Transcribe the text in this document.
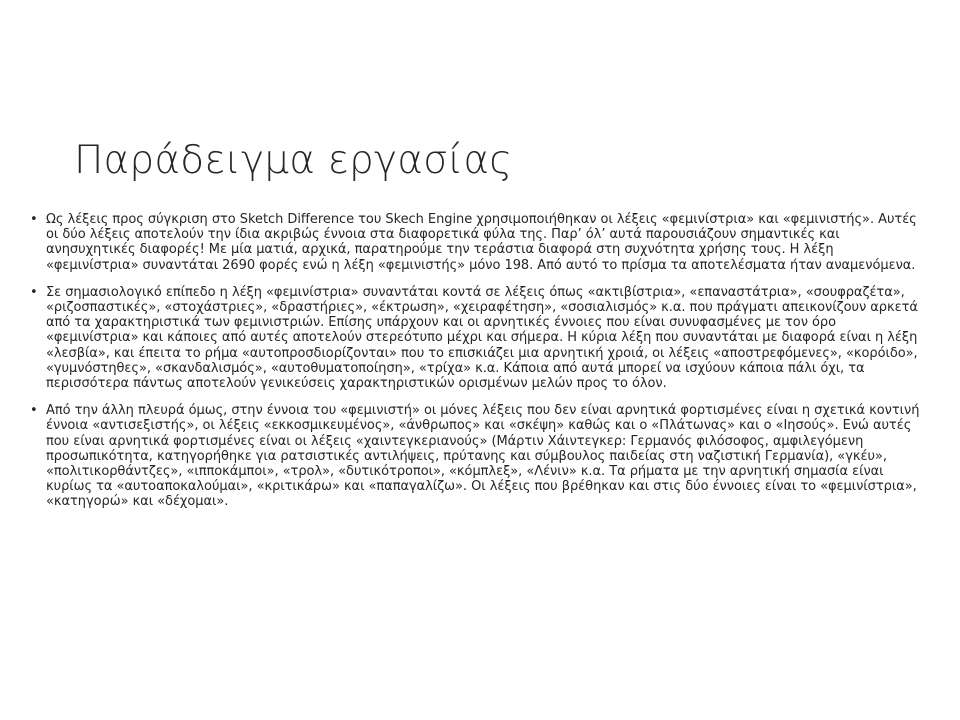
Παράδειγμα εργασίας
• Ως λέξεις προς σύγκριση στο Sketch Difference του Skech Engine χρησιμοποιήθηκαν οι λέξεις «φεμινίστρια» και «φεμινιστής». Αυτές οι δύο λέξεις αποτελούν την ίδια ακριβώς έννοια στα διαφορετικά φύλα της. Παρ’ όλ’ αυτά παρουσιάζουν σημαντικές και ανησυχητικές διαφορές! Με μία ματιά, αρχικά, παρατηρούμε την τεράστια διαφορά στη συχνότητα χρήσης τους. Η λέξη «φεμινίστρια» συναντάται 2690 φορές ενώ η λέξη «φεμινιστής» μόνο 198. Από αυτό το πρίσμα τα αποτελέσματα ήταν αναμενόμενα.
• Σε σημασιολογικό επίπεδο η λέξη «φεμινίστρια» συναντάται κοντά σε λέξεις όπως «ακτιβίστρια», «επαναστάτρια», «σουφραζέτα», «ριζοσπαστικές», «στοχάστριες», «δραστήριες», «έκτρωση», «χειραφέτηση», «σοσιαλισμός» κ.α. που πράγματι απεικονίζουν αρκετά από τα χαρακτηριστικά των φεμινιστριών. Επίσης υπάρχουν και οι αρνητικές έννοιες που είναι συνυφασμένες με τον όρο «φεμινίστρια» και κάποιες από αυτές αποτελούν στερεότυπο μέχρι και σήμερα. Η κύρια λέξη που συναντάται με διαφορά είναι η λέξη «λεσβία», και έπειτα το ρήμα «αυτοπροσδιορίζονται» που το επισκιάζει μια αρνητική χροιά, οι λέξεις «αποστρεφόμενες», «κορόιδο», «γυμνόστηθες», «σκανδαλισμός», «αυτοθυματοποίηση», «τρίχα» κ.α. Κάποια από αυτά μπορεί να ισχύουν κάποια πάλι όχι, τα περισσότερα πάντως αποτελούν γενικεύσεις χαρακτηριστικών ορισμένων μελών προς το όλον.
• Από την άλλη πλευρά όμως, στην έννοια του «φεμινιστή» οι μόνες λέξεις που δεν είναι αρνητικά φορτισμένες είναι η σχετικά κοντινή έννοια «αντισεξιστής», οι λέξεις «εκκοσμικευμένος», «άνθρωπος» και «σκέψη» καθώς και ο «Πλάτωνας» και ο «Ιησούς». Ενώ αυτές που είναι αρνητικά φορτισμένες είναι οι λέξεις «χαιντεγκεριανούς» (Μάρτιν Χάιντεγκερ: Γερμανός φιλόσοφος, αμφιλεγόμενη προσωπικότητα, κατηγορήθηκε για ρατσιστικές αντιλήψεις, πρύτανης και σύμβουλος παιδείας στη ναζιστική Γερμανία), «γκέυ», «πολιτικορθάντζες», «ιπποκάμποι», «τρολ», «δυτικότροποι», «κόμπλεξ», «Λένιν» κ.α. Τα ρήματα με την αρνητική σημασία είναι κυρίως τα «αυτοαποκαλούμαι», «κριτικάρω» και «παπαγαλίζω». Οι λέξεις που βρέθηκαν και στις δύο έννοιες είναι το «φεμινίστρια», «κατηγορώ» και «δέχομαι».
